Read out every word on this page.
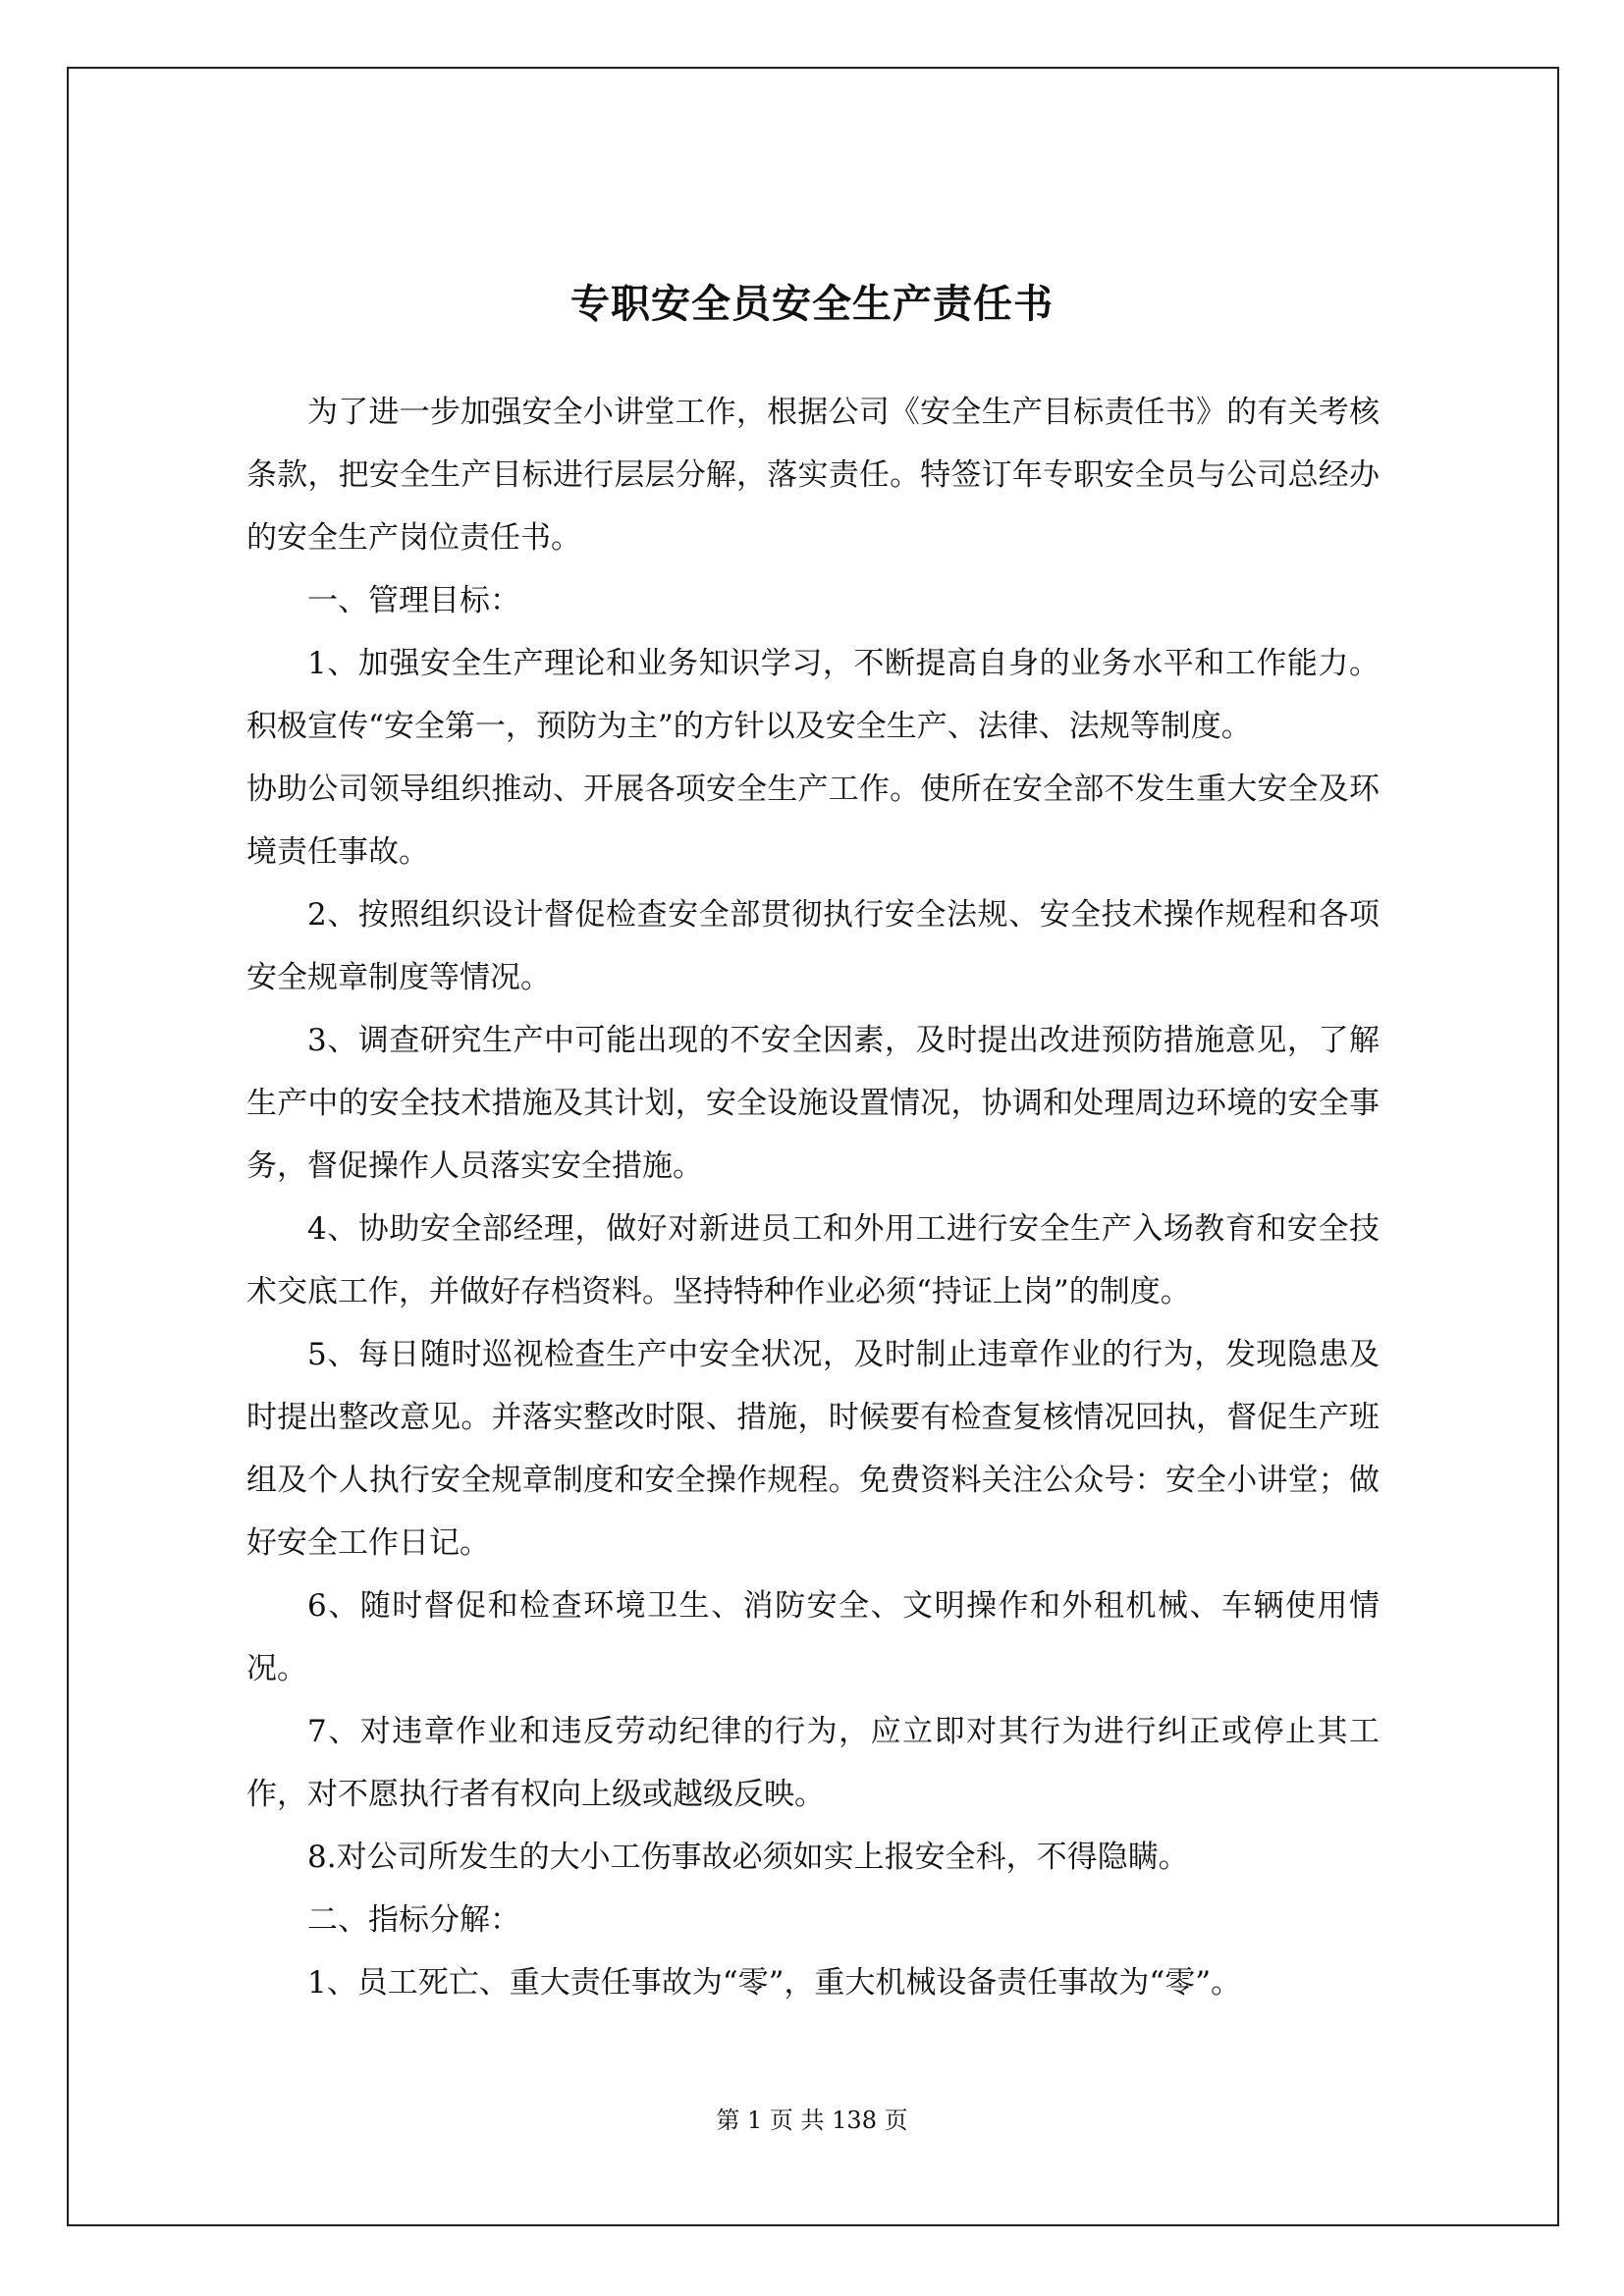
专职安全员安全生产责任书

为了进一步加强安全小讲堂工作，根据公司《安全生产目标责任书》的有关考核条款，把安全生产目标进行层层分解，落实责任。特签订年专职安全员与公司总经办的安全生产岗位责任书。

一、管理目标：

1、加强安全生产理论和业务知识学习，不断提高自身的业务水平和工作能力。积极宣传“安全第一，预防为主”的方针以及安全生产、法律、法规等制度。

协助公司领导组织推动、开展各项安全生产工作。使所在安全部不发生重大安全及环境责任事故。

2、按照组织设计督促检查安全部贯彻执行安全法规、安全技术操作规程和各项安全规章制度等情况。

3、调查研究生产中可能出现的不安全因素，及时提出改进预防措施意见，了解生产中的安全技术措施及其计划，安全设施设置情况，协调和处理周边环境的安全事务，督促操作人员落实安全措施。

4、协助安全部经理，做好对新进员工和外用工进行安全生产入场教育和安全技术交底工作，并做好存档资料。坚持特种作业必须“持证上岗”的制度。

5、每日随时巡视检查生产中安全状况，及时制止违章作业的行为，发现隐患及时提出整改意见。并落实整改时限、措施，时候要有检查复核情况回执，督促生产班组及个人执行安全规章制度和安全操作规程。免费资料关注公众号：安全小讲堂；做好安全工作日记。

6、随时督促和检查环境卫生、消防安全、文明操作和外租机械、车辆使用情况。

7、对违章作业和违反劳动纪律的行为，应立即对其行为进行纠正或停止其工作，对不愿执行者有权向上级或越级反映。

8.对公司所发生的大小工伤事故必须如实上报安全科，不得隐瞒。

二、指标分解：

1、员工死亡、重大责任事故为“零”，重大机械设备责任事故为“零”。

第 1 页 共 138 页
